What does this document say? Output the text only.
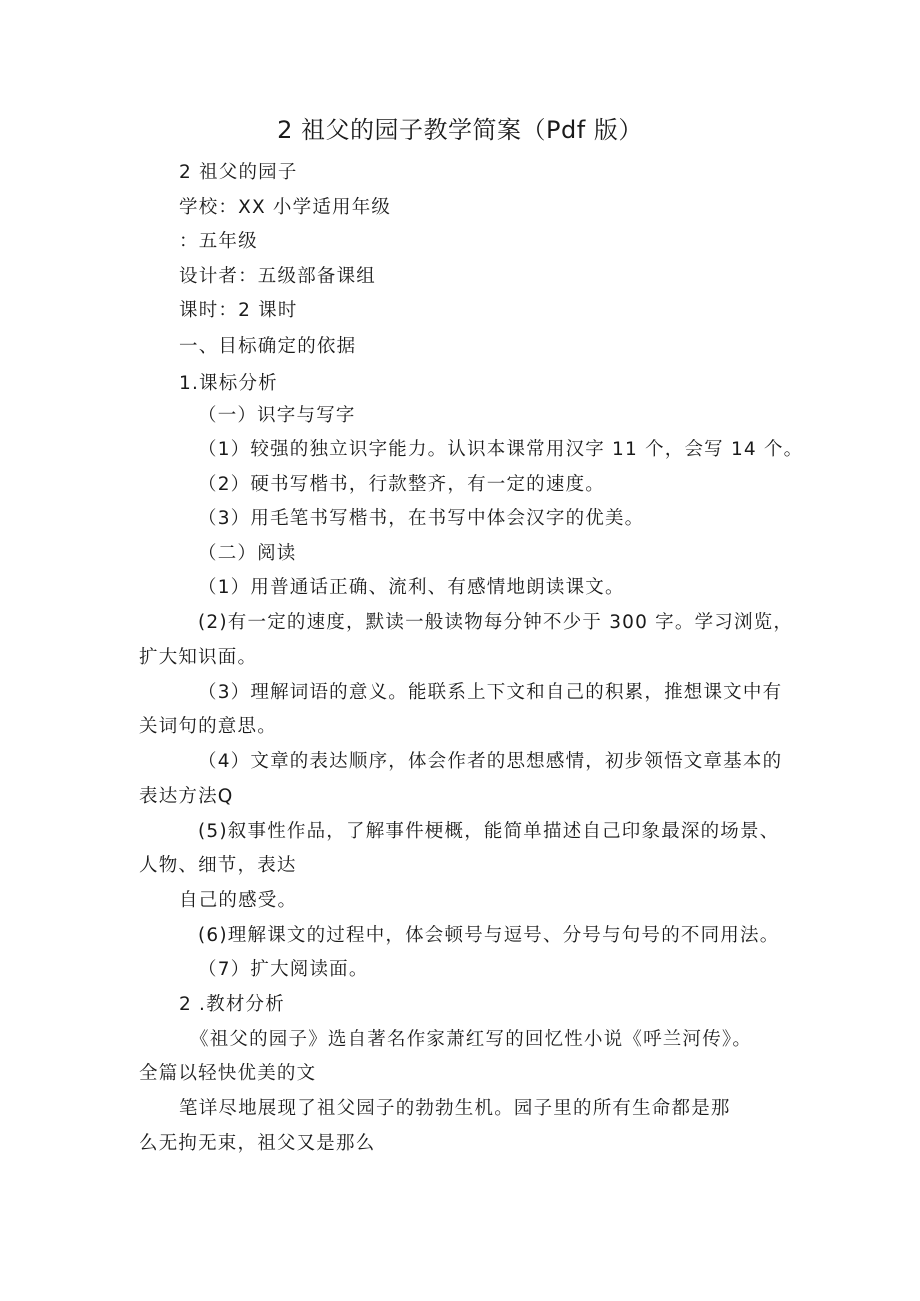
2 祖父的园子教学简案（Pdf 版）
2 祖父的园子
学校：XX 小学适用年级
：五年级
设计者：五级部备课组
课时：2 课时
一、目标确定的依据
1.课标分析
（一）识字与写字
（1）较强的独立识字能力。认识本课常用汉字 11 个，会写 14 个。
（2）硬书写楷书，行款整齐，有一定的速度。
（3）用毛笔书写楷书，在书写中体会汉字的优美。
（二）阅读
（1）用普通话正确、流利、有感情地朗读课文。
(2)有一定的速度，默读一般读物每分钟不少于 300 字。学习浏览，
扩大知识面。
（3）理解词语的意义。能联系上下文和自己的积累，推想课文中有
关词句的意思。
（4）文章的表达顺序，体会作者的思想感情，初步领悟文章基本的
表达方法Q
(5)叙事性作品，了解事件梗概，能简单描述自己印象最深的场景、
人物、细节，表达
自己的感受。
(6)理解课文的过程中，体会顿号与逗号、分号与句号的不同用法。
（7）扩大阅读面。
2 .教材分析
《祖父的园子》选自著名作家萧红写的回忆性小说《呼兰河传》。
全篇以轻快优美的文
笔详尽地展现了祖父园子的勃勃生机。园子里的所有生命都是那
么无拘无束，祖父又是那么
